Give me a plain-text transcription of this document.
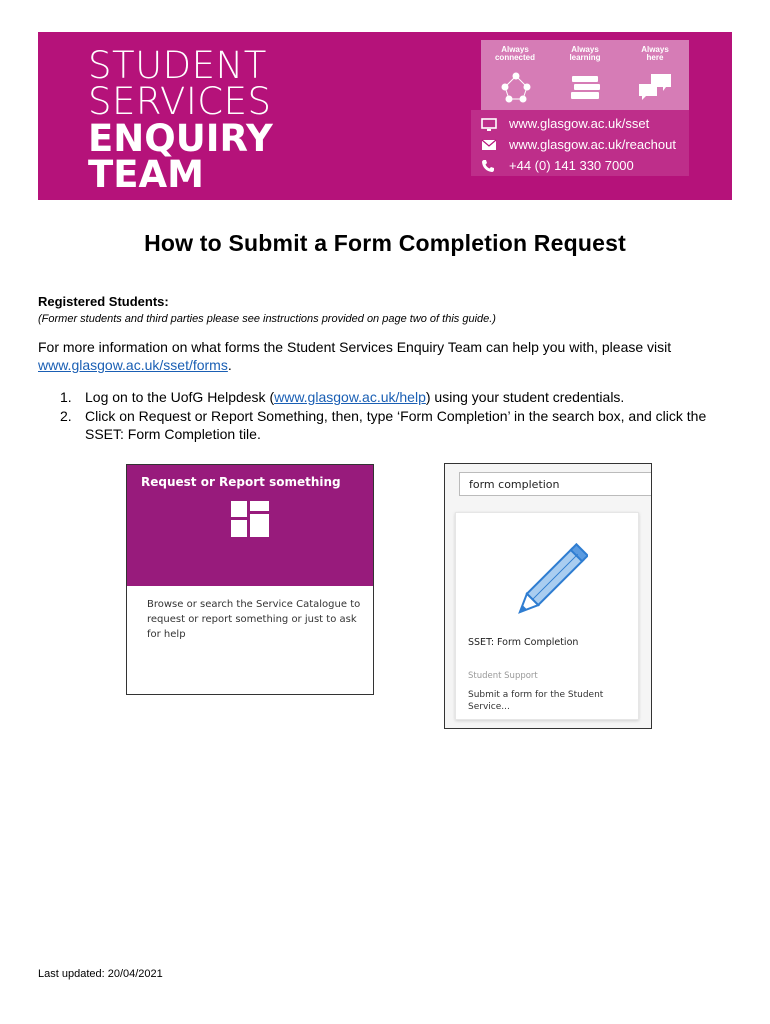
STUDENT
SERVICES
ENQUIRY
TEAM
Always
connected
Always
learning
Always
here
www.glasgow.ac.uk/sset
www.glasgow.ac.uk/reachout
+44 (0) 141 330 7000
How to Submit a Form Completion Request
Registered Students:
(Former students and third parties please see instructions provided on page two of this guide.)

For more information on what forms the Student Services Enquiry Team can help you with, please visit www.glasgow.ac.uk/sset/forms.

1. Log on to the UofG Helpdesk (www.glasgow.ac.uk/help) using your student credentials.
2. Click on Request or Report Something, then, type ‘Form Completion’ in the search box, and click the SSET: Form Completion tile.
Request or Report something
Browse or search the Service Catalogue to request or report something or just to ask for help
form completion
SSET: Form Completion
Student Support
Submit a form for the Student Service...
Last updated: 20/04/2021
